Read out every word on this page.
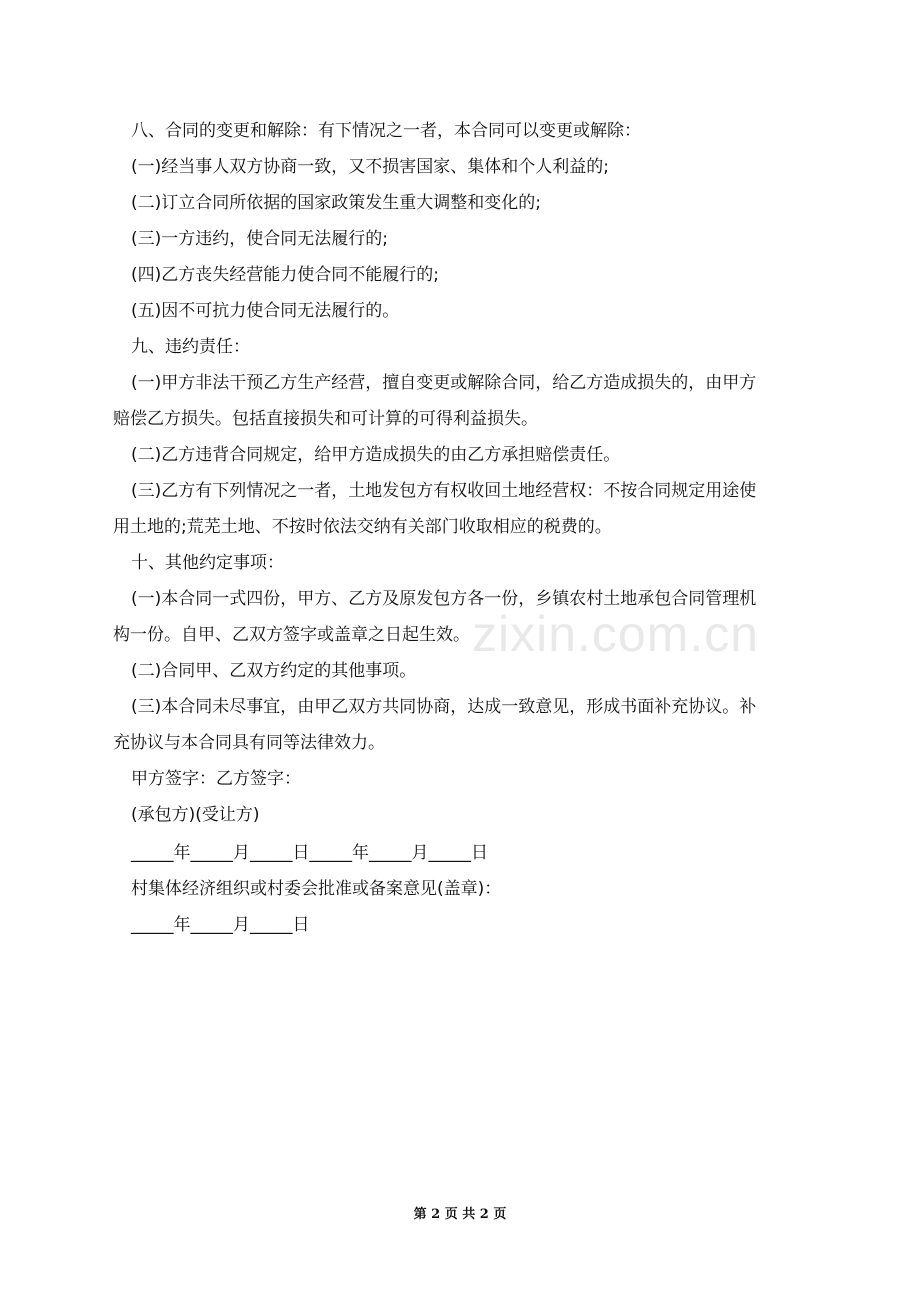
八、合同的变更和解除：有下情况之一者，本合同可以变更或解除：
(一)经当事人双方协商一致，又不损害国家、集体和个人利益的;
(二)订立合同所依据的国家政策发生重大调整和变化的;
(三)一方违约，使合同无法履行的;
(四)乙方丧失经营能力使合同不能履行的;
(五)因不可抗力使合同无法履行的。
九、违约责任：
(一)甲方非法干预乙方生产经营，擅自变更或解除合同，给乙方造成损失的，由甲方
赔偿乙方损失。包括直接损失和可计算的可得利益损失。
(二)乙方违背合同规定，给甲方造成损失的由乙方承担赔偿责任。
(三)乙方有下列情况之一者，土地发包方有权收回土地经营权：不按合同规定用途使
用土地的;荒芜土地、不按时依法交纳有关部门收取相应的税费的。
十、其他约定事项：
(一)本合同一式四份，甲方、乙方及原发包方各一份，乡镇农村土地承包合同管理机
构一份。自甲、乙双方签字或盖章之日起生效。
(二)合同甲、乙双方约定的其他事项。
(三)本合同未尽事宜，由甲乙双方共同协商，达成一致意见，形成书面补充协议。补
充协议与本合同具有同等法律效力。
甲方签字：乙方签字：
(承包方)(受让方)
_____年_____月_____日_____年_____月_____日
村集体经济组织或村委会批准或备案意见(盖章)：
_____年_____月_____日
zixin.com.cn
第 2 页 共 2 页
